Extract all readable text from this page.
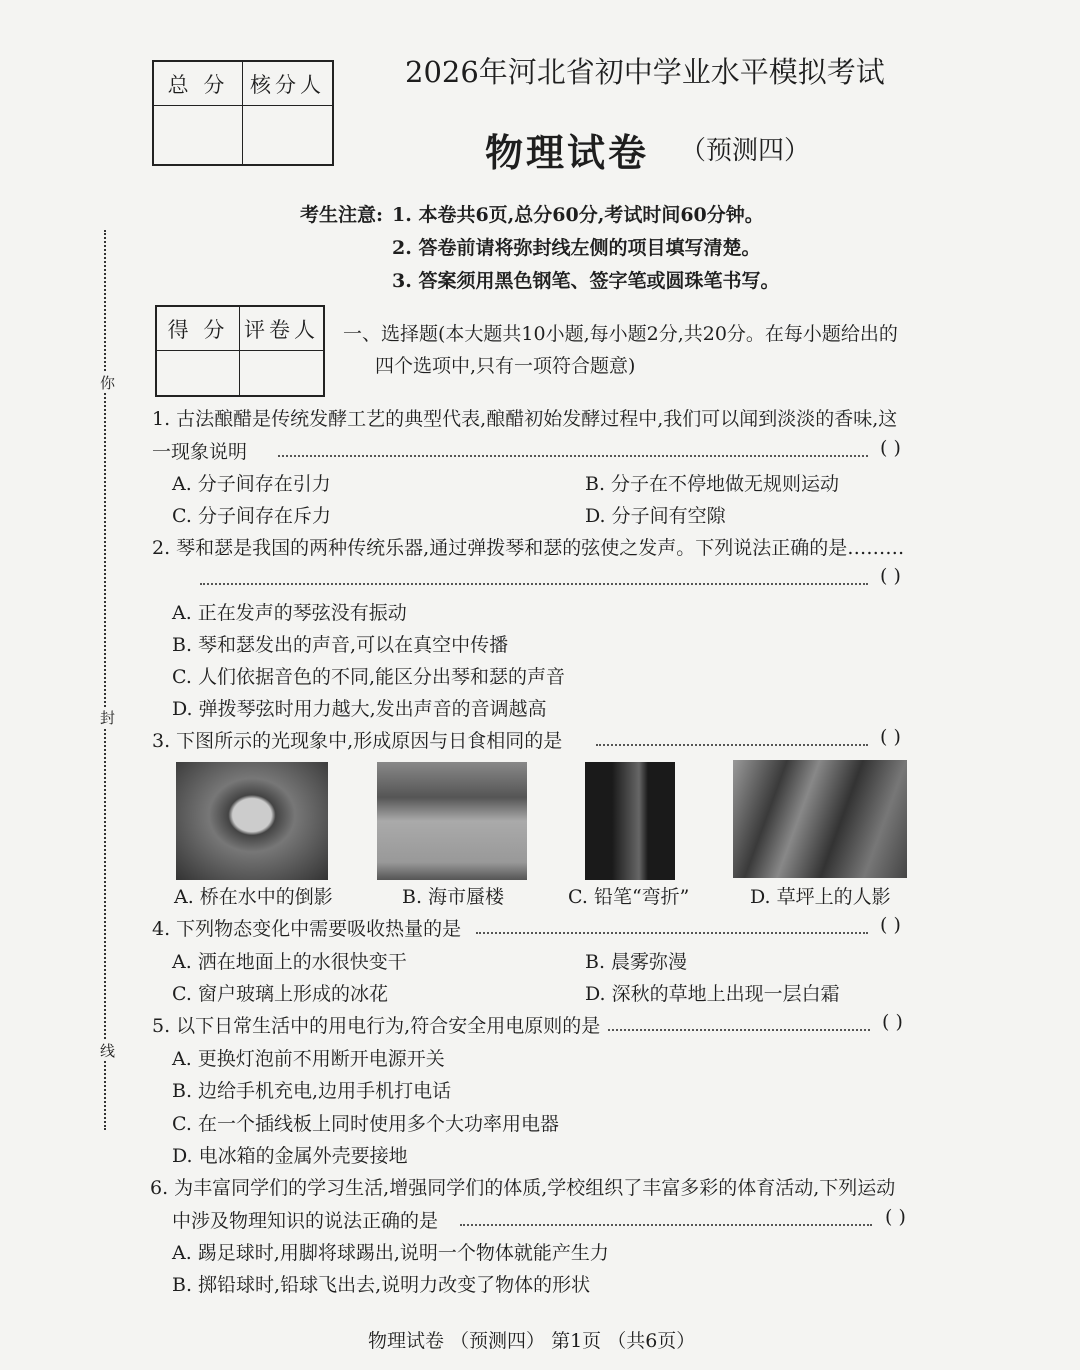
总 分	核分人	2026年河北省初中学业水平模拟考试
物理试卷 （预测四）
考生注意: 1. 本卷共6页,总分60分,考试时间60分钟。
2. 答卷前请将弥封线左侧的项目填写清楚。
3. 答案须用黑色钢笔、签字笔或圆珠笔书写。
得 分 评卷人 一、选择题(本大题共10小题,每小题2分,共20分。在每小题给出的
四个选项中,只有一项符合题意)
你
封
线
1. 古法酿醋是传统发酵工艺的典型代表,酿醋初始发酵过程中,我们可以闻到淡淡的香味,这
一现象说明	( )
A. 分子间存在引力	B. 分子在不停地做无规则运动
C. 分子间存在斥力	D. 分子间有空隙
2. 琴和瑟是我国的两种传统乐器,通过弹拨琴和瑟的弦使之发声。下列说法正确的是………
( )
A. 正在发声的琴弦没有振动
B. 琴和瑟发出的声音,可以在真空中传播
C. 人们依据音色的不同,能区分出琴和瑟的声音
D. 弹拨琴弦时用力越大,发出声音的音调越高
3. 下图所示的光现象中,形成原因与日食相同的是	( )
A. 桥在水中的倒影	B. 海市蜃楼	C. 铅笔“弯折”	D. 草坪上的人影
4. 下列物态变化中需要吸收热量的是	( )
A. 洒在地面上的水很快变干	B. 晨雾弥漫
C. 窗户玻璃上形成的冰花	D. 深秋的草地上出现一层白霜
5. 以下日常生活中的用电行为,符合安全用电原则的是	( )
A. 更换灯泡前不用断开电源开关
B. 边给手机充电,边用手机打电话
C. 在一个插线板上同时使用多个大功率用电器
D. 电冰箱的金属外壳要接地
6. 为丰富同学们的学习生活,增强同学们的体质,学校组织了丰富多彩的体育活动,下列运动
中涉及物理知识的说法正确的是	( )
A. 踢足球时,用脚将球踢出,说明一个物体就能产生力
B. 掷铅球时,铅球飞出去,说明力改变了物体的形状
物理试卷 （预测四） 第1页 （共6页）
